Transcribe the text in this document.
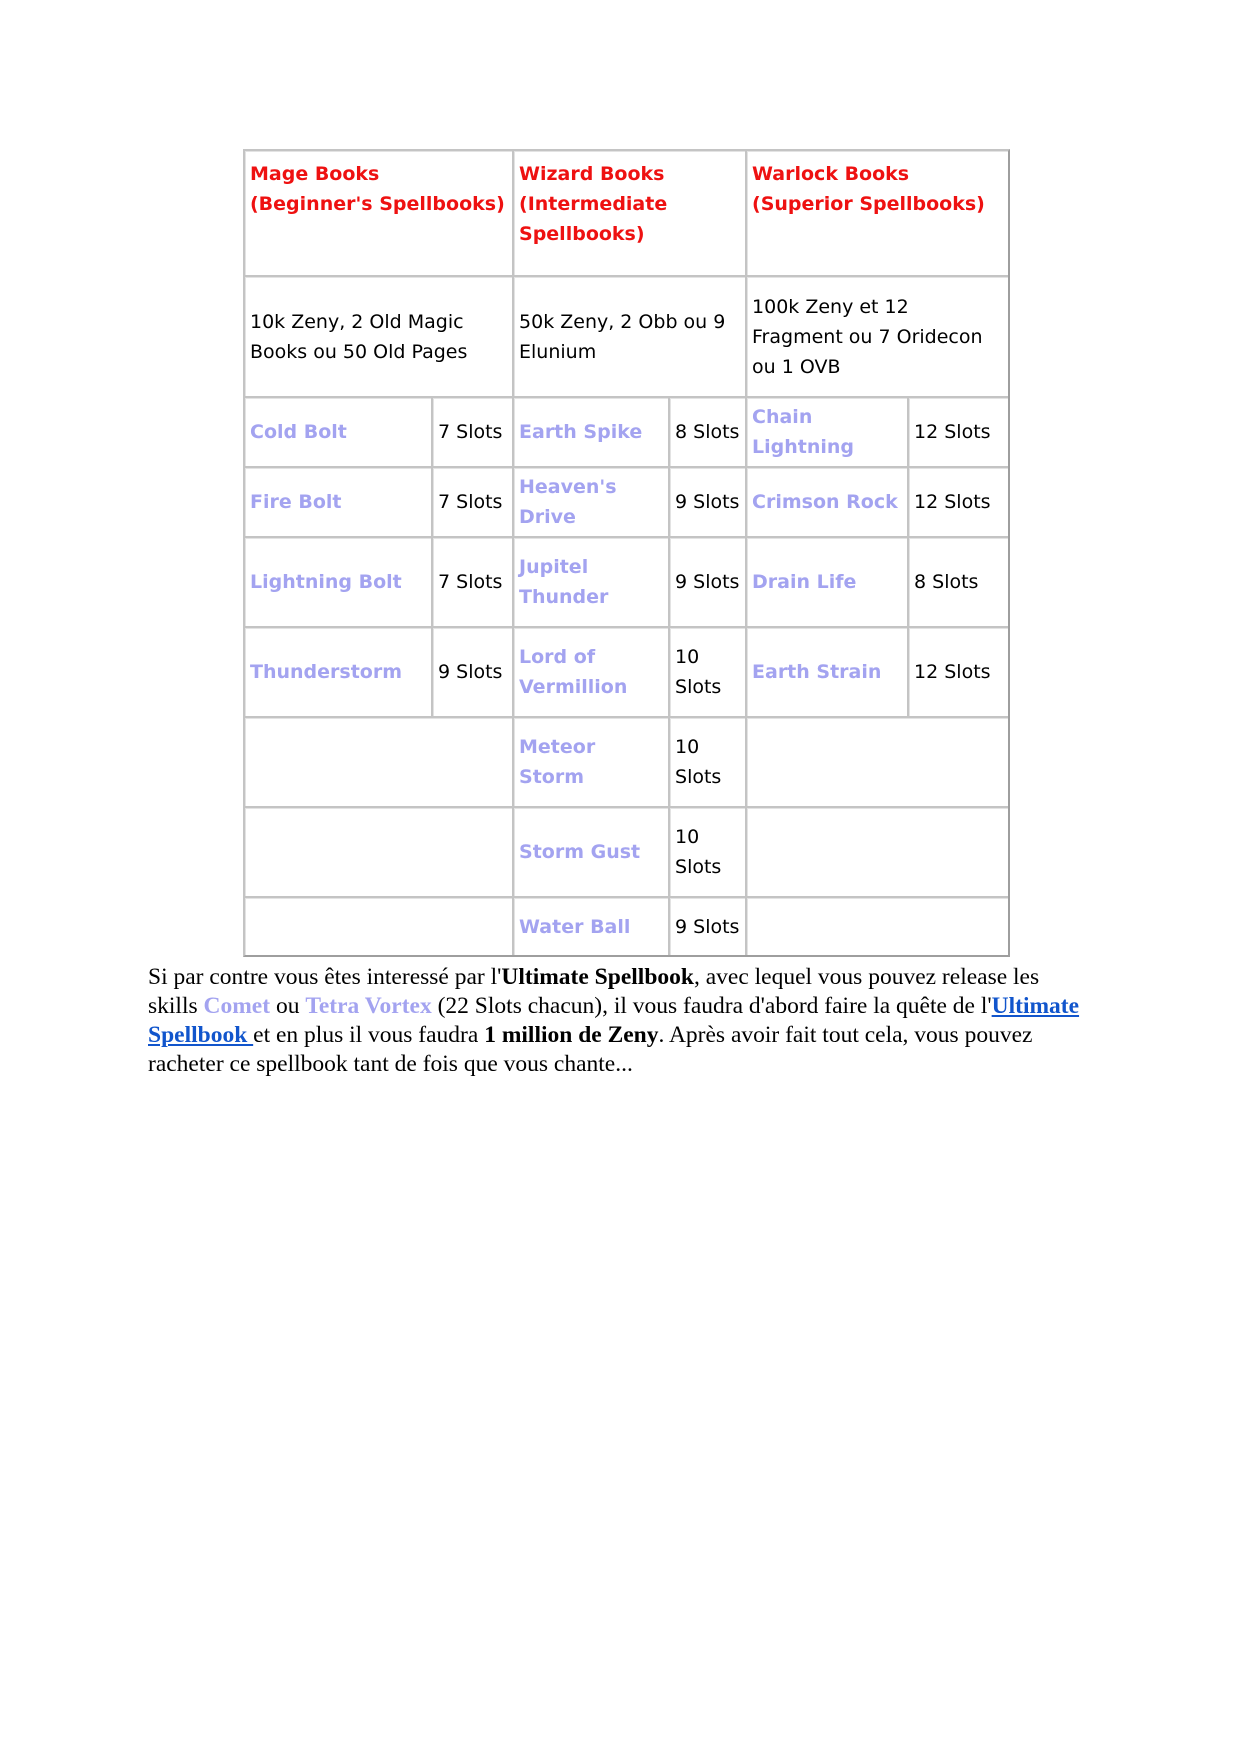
Mage Books (Beginner's Spellbooks)		Wizard Books (Intermediate Spellbooks)		Warlock Books (Superior Spellbooks)	
10k Zeny, 2 Old Magic Books ou 50 Old Pages		50k Zeny, 2 Obb ou 9 Elunium		100k Zeny et 12 Fragment ou 7 Oridecon ou 1 OVB	
Cold Bolt	7 Slots	Earth Spike	8 Slots	Chain Lightning	12 Slots
Fire Bolt	7 Slots	Heaven's Drive	9 Slots	Crimson Rock	12 Slots
Lightning Bolt	7 Slots	Jupitel Thunder	9 Slots	Drain Life	8 Slots
Thunderstorm	9 Slots	Lord of Vermillion	10 Slots	Earth Strain	12 Slots
		Meteor Storm	10 Slots		
		Storm Gust	10 Slots		
		Water Ball	9 Slots		

Si par contre vous êtes interessé par l'Ultimate Spellbook, avec lequel vous pouvez release les skills Comet ou Tetra Vortex (22 Slots chacun), il vous faudra d'abord faire la quête de l'Ultimate Spellbook et en plus il vous faudra 1 million de Zeny. Après avoir fait tout cela, vous pouvez racheter ce spellbook tant de fois que vous chante...
